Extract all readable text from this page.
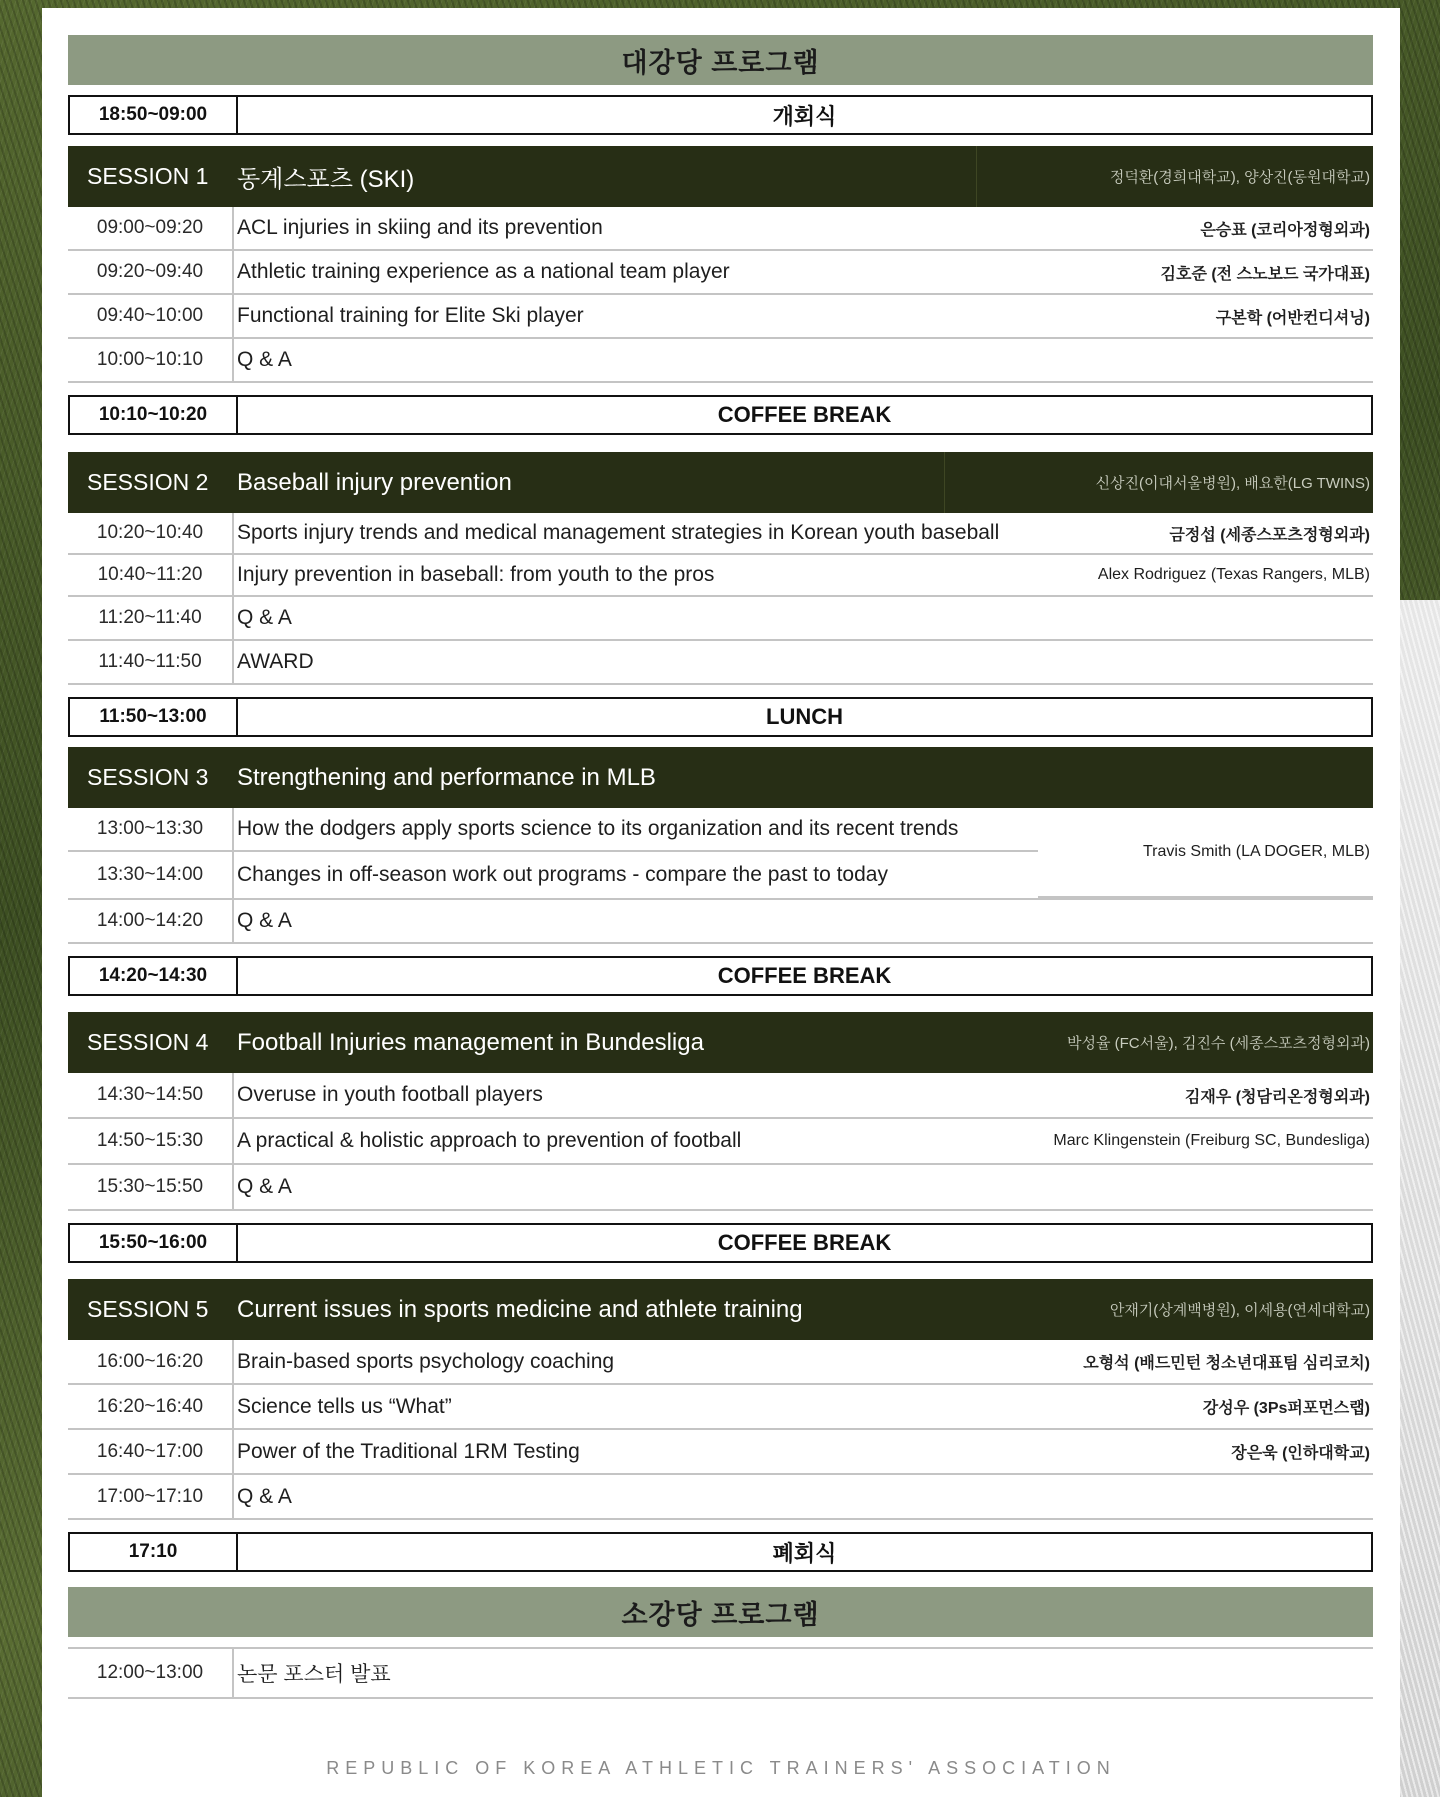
대강당 프로그램
18:50~09:00	개회식
SESSION 1	동계스포츠 (SKI)	정덕환(경희대학교), 양상진(동원대학교)
09:00~09:20	ACL injuries in skiing and its prevention	은승표 (코리아정형외과)
09:20~09:40	Athletic training experience as a national team player	김호준 (전 스노보드 국가대표)
09:40~10:00	Functional training for Elite Ski player	구본학 (어반컨디셔닝)
10:00~10:10	Q & A
10:10~10:20	COFFEE BREAK
SESSION 2	Baseball injury prevention	신상진(이대서울병원), 배요한(LG TWINS)
10:20~10:40	Sports injury trends and medical management strategies in Korean youth baseball	금정섭 (세종스포츠정형외과)
10:40~11:20	Injury prevention in baseball: from youth to the pros	Alex Rodriguez (Texas Rangers, MLB)
11:20~11:40	Q & A
11:40~11:50	AWARD
11:50~13:00	LUNCH
SESSION 3	Strengthening and performance in MLB
13:00~13:30	How the dodgers apply sports science to its organization and its recent trends
13:30~14:00	Changes in off-season work out programs - compare the past to today
Travis Smith (LA DOGER, MLB)
14:00~14:20	Q & A
14:20~14:30	COFFEE BREAK
SESSION 4	Football Injuries management in Bundesliga	박성율 (FC서울), 김진수 (세종스포츠정형외과)
14:30~14:50	Overuse in youth football players	김재우 (청담리온정형외과)
14:50~15:30	A practical & holistic approach to prevention of football	Marc Klingenstein (Freiburg SC, Bundesliga)
15:30~15:50	Q & A
15:50~16:00	COFFEE BREAK
SESSION 5	Current issues in sports medicine and athlete training	안재기(상계백병원), 이세용(연세대학교)
16:00~16:20	Brain-based sports psychology coaching	오형석 (배드민턴 청소년대표팀 심리코치)
16:20~16:40	Science tells us “What”	강성우 (3Ps퍼포먼스랩)
16:40~17:00	Power of the Traditional 1RM Testing	장은욱 (인하대학교)
17:00~17:10	Q & A
17:10	폐회식
소강당 프로그램
12:00~13:00	논문 포스터 발표
REPUBLIC OF KOREA ATHLETIC TRAINERS' ASSOCIATION
